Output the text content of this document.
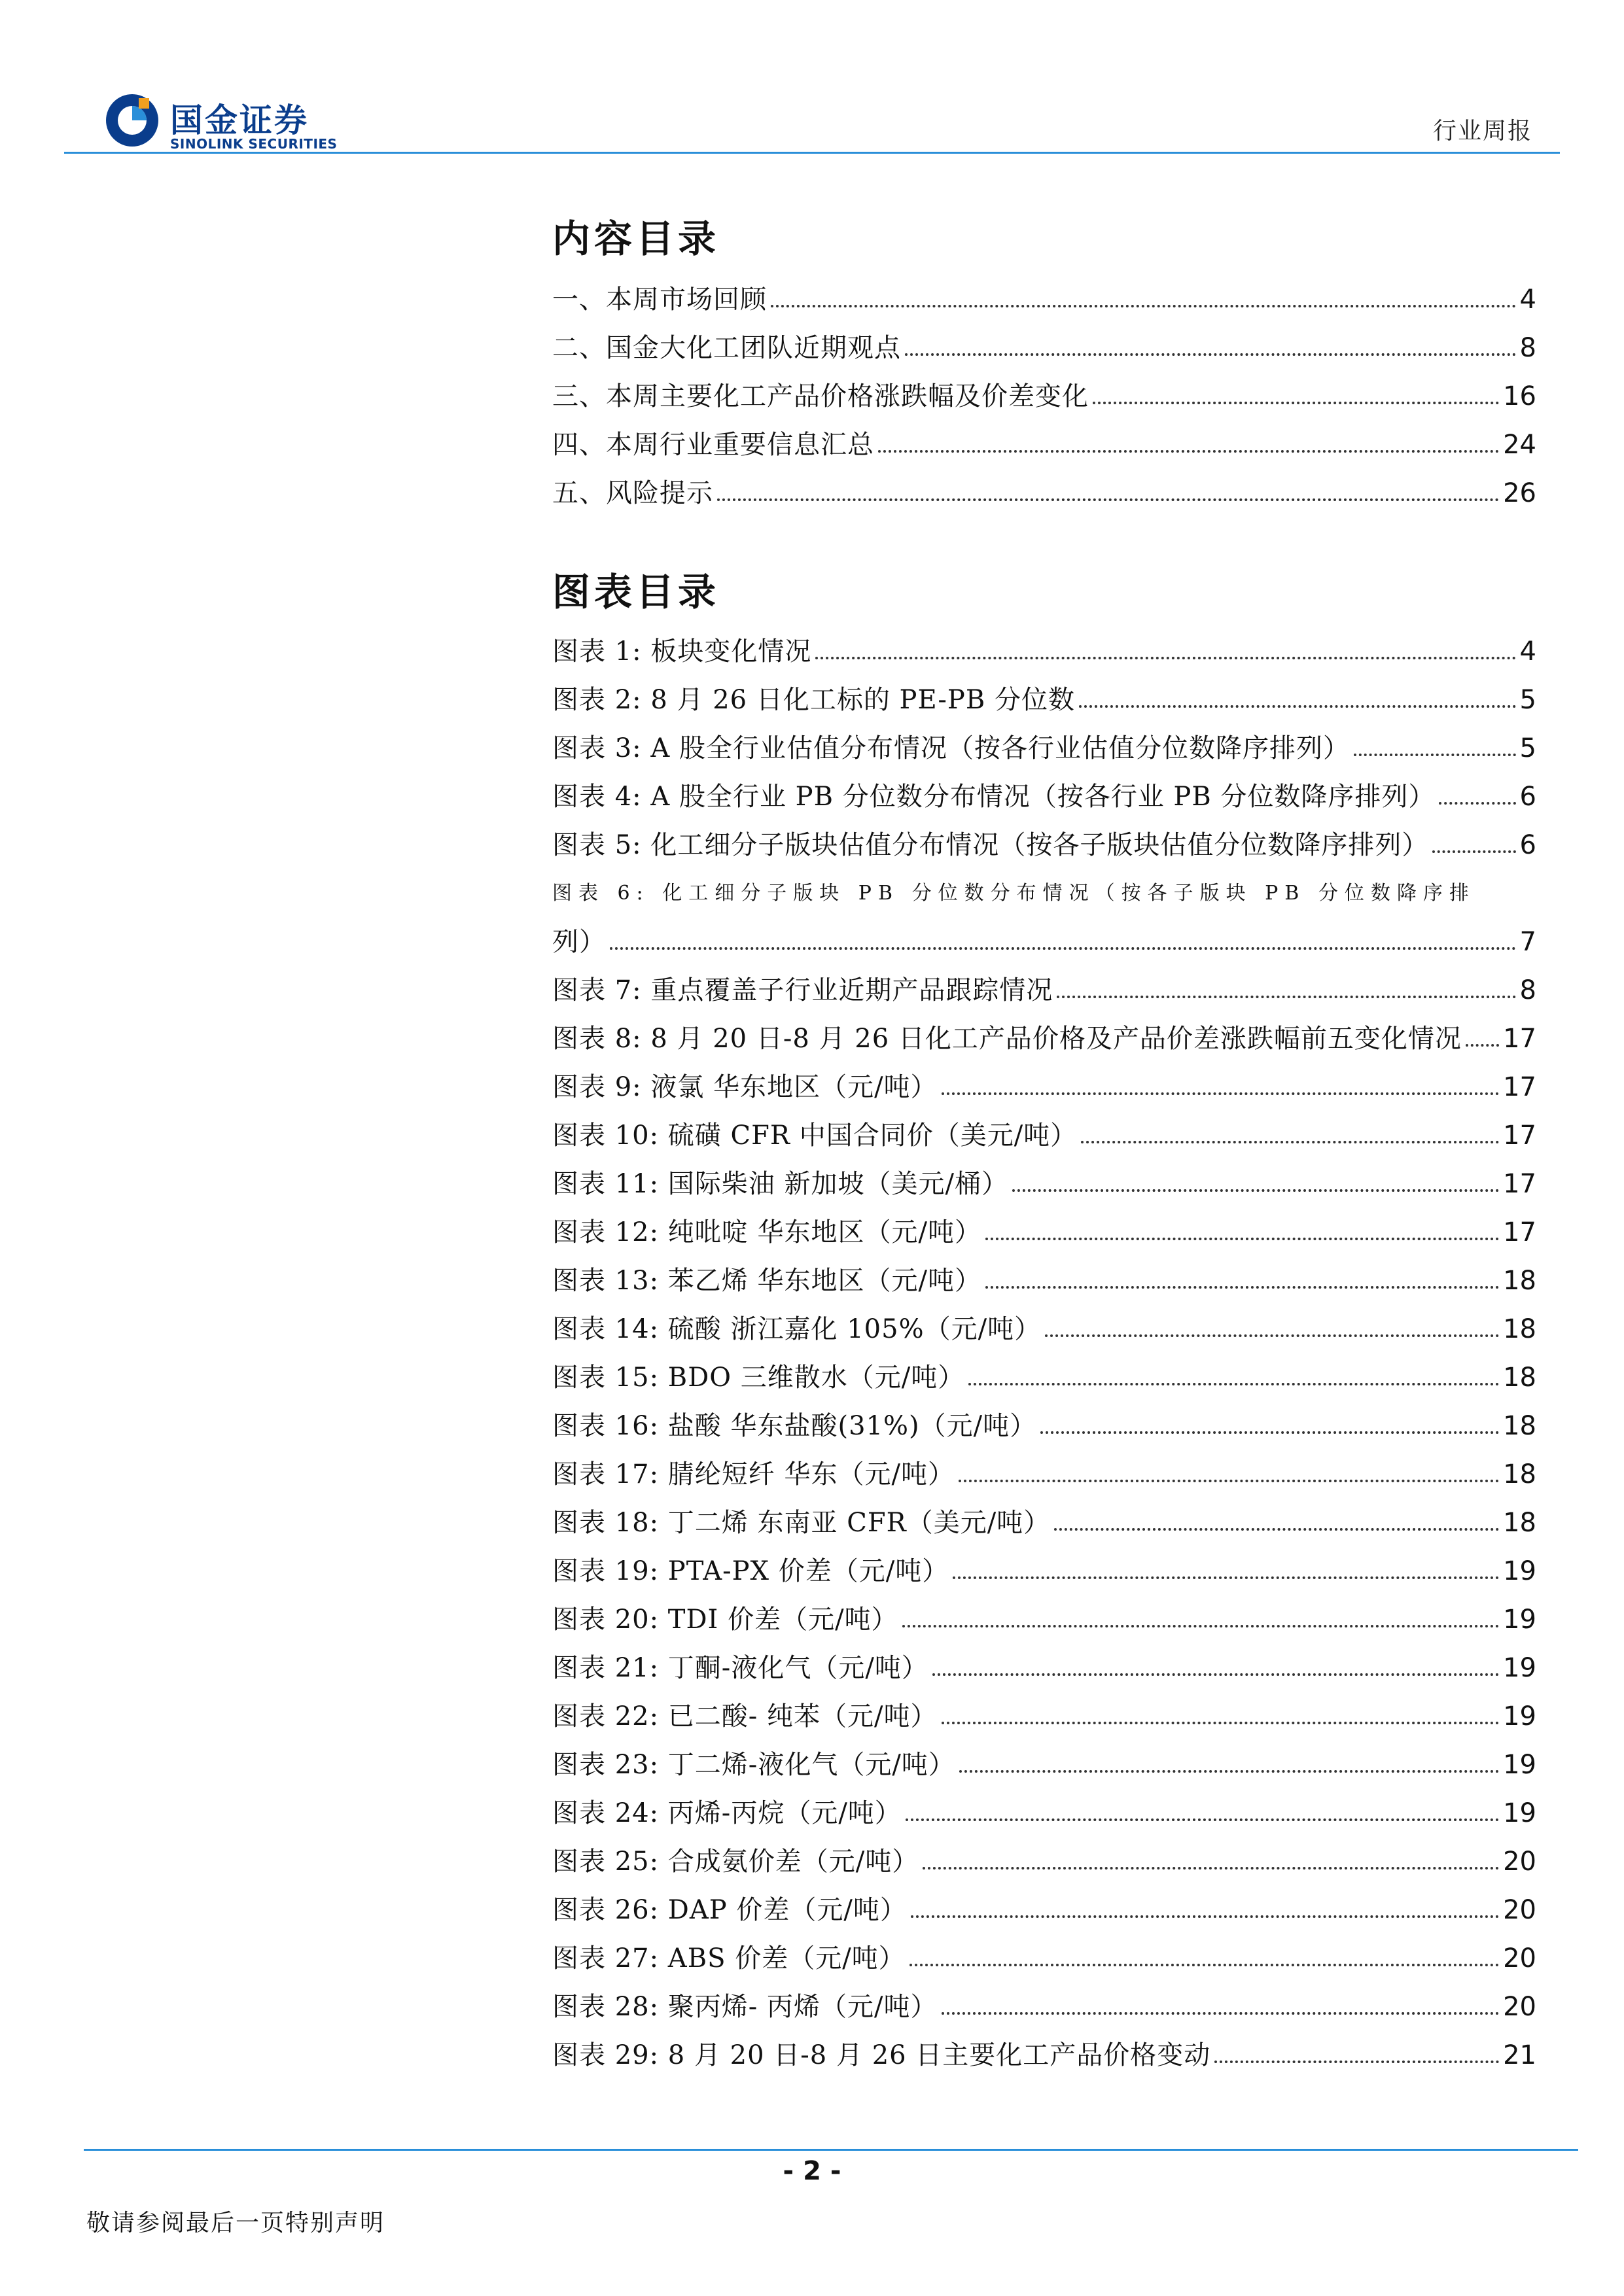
国金证券
SINOLINK SECURITIES	行业周报
内容目录
一、本周市场回顾	4
二、国金大化工团队近期观点	8
三、本周主要化工产品价格涨跌幅及价差变化	16
四、本周行业重要信息汇总	24
五、风险提示	26
图表目录
图表 1: 板块变化情况	4
图表 2: 8 月 26 日化工标的 PE-PB 分位数	5
图表 3: A 股全行业估值分布情况（按各行业估值分位数降序排列）	5
图表 4: A 股全行业 PB 分位数分布情况（按各行业 PB 分位数降序排列）	6
图表 5: 化工细分子版块估值分布情况（按各子版块估值分位数降序排列）	6
图表 6: 化工细分子版块 PB 分位数分布情况（按各子版块 PB 分位数降序排
列）	7
图表 7: 重点覆盖子行业近期产品跟踪情况	8
图表 8: 8 月 20 日-8 月 26 日化工产品价格及产品价差涨跌幅前五变化情况 17
图表 9: 液氯 华东地区（元/吨）	17
图表 10: 硫磺 CFR 中国合同价（美元/吨）	17
图表 11: 国际柴油 新加坡（美元/桶）	17
图表 12: 纯吡啶 华东地区（元/吨）	17
图表 13: 苯乙烯 华东地区（元/吨）	18
图表 14: 硫酸 浙江嘉化 105%（元/吨）	18
图表 15: BDO 三维散水（元/吨）	18
图表 16: 盐酸 华东盐酸(31%)（元/吨）	18
图表 17: 腈纶短纤 华东（元/吨）	18
图表 18: 丁二烯 东南亚 CFR（美元/吨）	18
图表 19: PTA-PX 价差（元/吨）	19
图表 20: TDI 价差（元/吨）	19
图表 21: 丁酮-液化气（元/吨）	19
图表 22: 已二酸- 纯苯（元/吨）	19
图表 23: 丁二烯-液化气（元/吨）	19
图表 24: 丙烯-丙烷（元/吨）	19
图表 25: 合成氨价差（元/吨）	20
图表 26: DAP 价差（元/吨）	20
图表 27: ABS 价差（元/吨）	20
图表 28: 聚丙烯- 丙烯（元/吨）	20
图表 29: 8 月 20 日-8 月 26 日主要化工产品价格变动	21
- 2 -
敬请参阅最后一页特别声明
